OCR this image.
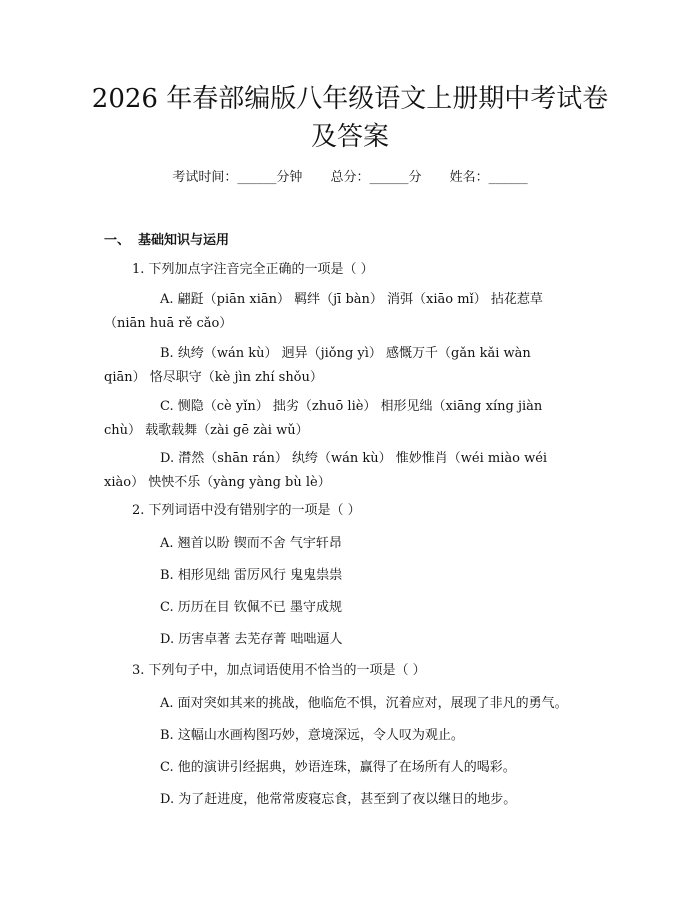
2026 年春部编版八年级语文上册期中考试卷
及答案
考试时间：______分钟 总分：______分 姓名：______
一、 基础知识与运用
1. 下列加点字注音完全正确的一项是（ ）
A. 翩跹（piān xiān） 羁绊（jī bàn） 消弭（xiāo mǐ） 拈花惹草
（niān huā rě cǎo）
B. 纨绔（wán kù） 迥异（jiǒng yì） 感慨万千（gǎn kǎi wàn
qiān） 恪尽职守（kè jìn zhí shǒu）
C. 恻隐（cè yǐn） 拙劣（zhuō liè） 相形见绌（xiāng xíng jiàn
chù） 载歌载舞（zài gē zài wǔ）
D. 潸然（shān rán） 纨绔（wán kù） 惟妙惟肖（wéi miào wéi
xiào） 怏怏不乐（yàng yàng bù lè）
2. 下列词语中没有错别字的一项是（ ）
A. 翘首以盼 锲而不舍 气宇轩昂
B. 相形见绌 雷厉风行 鬼鬼祟祟
C. 历历在目 钦佩不已 墨守成规
D. 历害卓著 去芜存菁 咄咄逼人
3. 下列句子中，加点词语使用不恰当的一项是（ ）
A. 面对突如其来的挑战，他临危不惧，沉着应对，展现了非凡的勇气。
B. 这幅山水画构图巧妙，意境深远，令人叹为观止。
C. 他的演讲引经据典，妙语连珠，赢得了在场所有人的喝彩。
D. 为了赶进度，他常常废寝忘食，甚至到了夜以继日的地步。
